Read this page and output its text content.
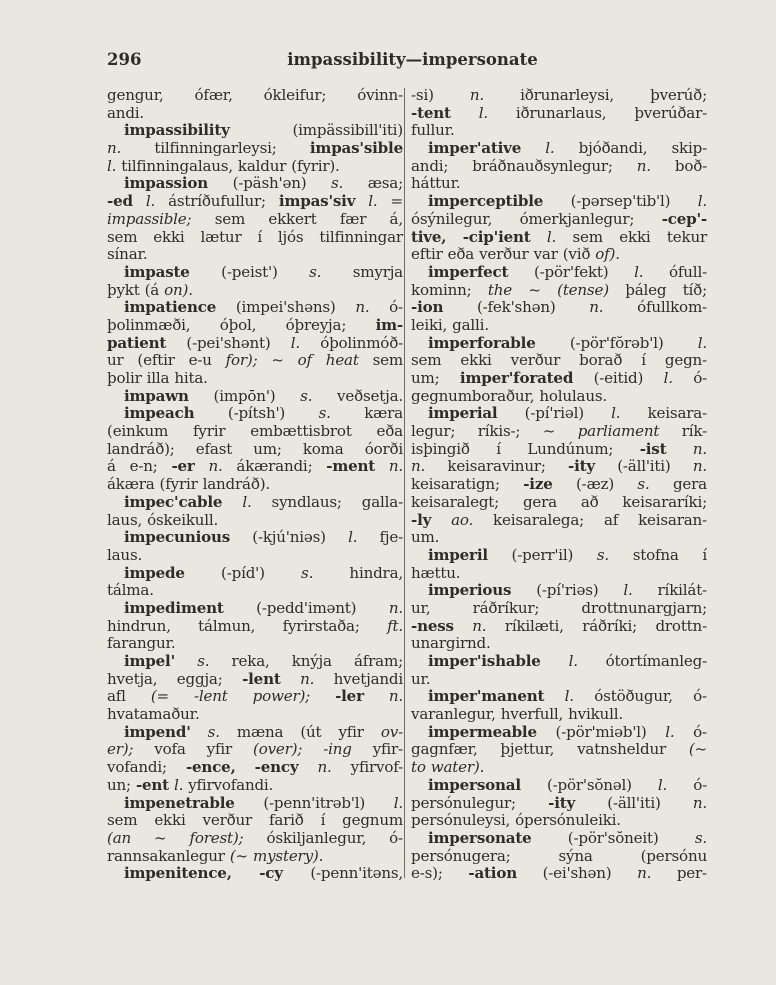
296	impassibility—impersonate
gengur, ófær, ókleifur; óvinn-
andi.
impassibility	(impässibill'iti)
n. tilfinningarleysi; impas'sible
l. tilfinningalaus, kaldur (fyrir).
impassion (-päsh'ən) s. æsa;
-ed l. ástríðufullur; impas'siv l. =
impassible; sem ekkert fær á,
sem ekki lætur í ljós tilfinningar
sínar.
impaste (-peist') s. smyrja
þykt (á on).
impatience (impei'shəns) n. ó-
þolinmæði, óþol, óþreyja; im-
patient (-pei'shənt) l. óþolinmóð-
ur (eftir e-u for); ~ of heat sem
þolir illa hita.
impawn (impōn') s. veðsetja.
impeach (-pítsh') s. kæra
(einkum fyrir embættisbrot eða
landráð); efast um; koma óorði
á e-n; -er n. ákærandi; -ment n.
ákæra (fyrir landráð).
impec'cable l. syndlaus; galla-
laus, óskeikull.
impecunious (-kjú'niəs) l. fje-
laus.
impede (-píd') s. hindra,
tálma.
impediment (-pedd'imənt) n.
hindrun, tálmun, fyrirstaða; ft.
farangur.
impel' s. reka, knýja áfram;
hvetja, eggja; -lent n. hvetjandi
afl (= -lent power); -ler n.
hvatamaður.
impend' s. mæna (út yfir ov-
er); vofa yfir (over); -ing yfir-
vofandi; -ence, -ency n. yfirvof-
un; -ent l. yfirvofandi.
impenetrable (-penn'itrəb'l) l.
sem ekki verður farið í gegnum
(an ~ forest); óskiljanlegur, ó-
rannsakanlegur (~ mystery).
impenitence, -cy (-penn'itəns,
-si) n. iðrunarleysi, þverúð;
-tent l. iðrunarlaus, þverúðar-
fullur.
imper'ative l. bjóðandi, skip-
andi; bráðnauðsynlegur; n. boð-
háttur.
imperceptible (-pərsep'tib'l) l.
ósýnilegur, ómerkjanlegur; -cep'-
tive, -cip'ient l. sem ekki tekur
eftir eða verður var (við of).
imperfect (-pör'fekt) l. ófull-
kominn; the ~ (tense) þáleg tíð;
-ion (-fek'shən) n. ófullkom-
leiki, galli.
imperforable (-pör'fŏrəb'l) l.
sem ekki verður borað í gegn-
um; imper'forated (-eitid) l. ó-
gegnumboraður, holulaus.
imperial (-pí'riəl) l. keisara-
legur; ríkis-; ~ parliament rík-
isþingið í Lundúnum; -ist n.
n. keisaravinur; -ity (-äll'iti) n.
keisaratign; -ize (-æz) s. gera
keisaralegt; gera að keisararíki;
-ly ao. keisaralega; af keisaran-
um.
imperil (-perr'il) s. stofna í
hættu.
imperious (-pí'riəs) l. ríkilát-
ur,	ráðríkur;	drottnunargjarn;
-ness n. ríkilæti, ráðríki; drottn-
unargirnd.
imper'ishable l. ótortímanleg-
ur.
imper'manent l. óstöðugur, ó-
varanlegur, hverfull, hvikull.
impermeable (-pör'miəb'l) l. ó-
gagnfær, þjettur, vatnsheldur (~
to water).
impersonal (-pör'sŏnəl) l. ó-
persónulegur; -ity (-äll'iti) n.
persónuleysi, ópersónuleiki.
impersonate (-pör'sŏneit) s.
persónugera;	sýna	(persónu
e-s); -ation (-ei'shən) n. per-
